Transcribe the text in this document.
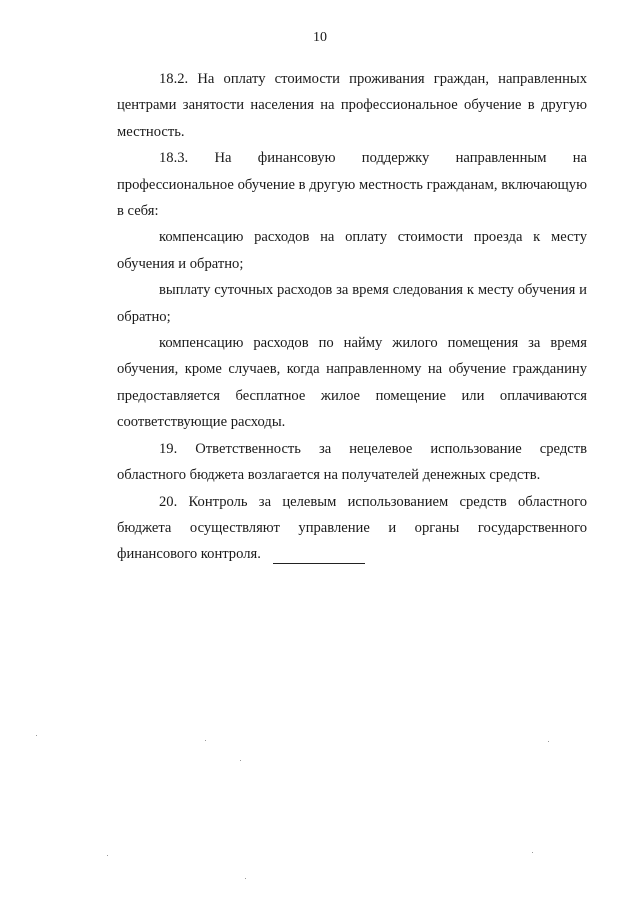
10

18.2. На оплату стоимости проживания граждан, направленных центрами занятости населения на профессиональное обучение в другую местность.

18.3. На финансовую поддержку направленным на профессиональное обучение в другую местность гражданам, включающую в себя:

компенсацию расходов на оплату стоимости проезда к месту обучения и обратно;

выплату суточных расходов за время следования к месту обучения и обратно;

компенсацию расходов по найму жилого помещения за время обучения, кроме случаев, когда направленному на обучение гражданину предоставляется бесплатное жилое помещение или оплачиваются соответствующие расходы.

19. Ответственность за нецелевое использование средств областного бюджета возлагается на получателей денежных средств.

20. Контроль за целевым использованием средств областного бюджета осуществляют управление и органы государственного финансового контроля.
